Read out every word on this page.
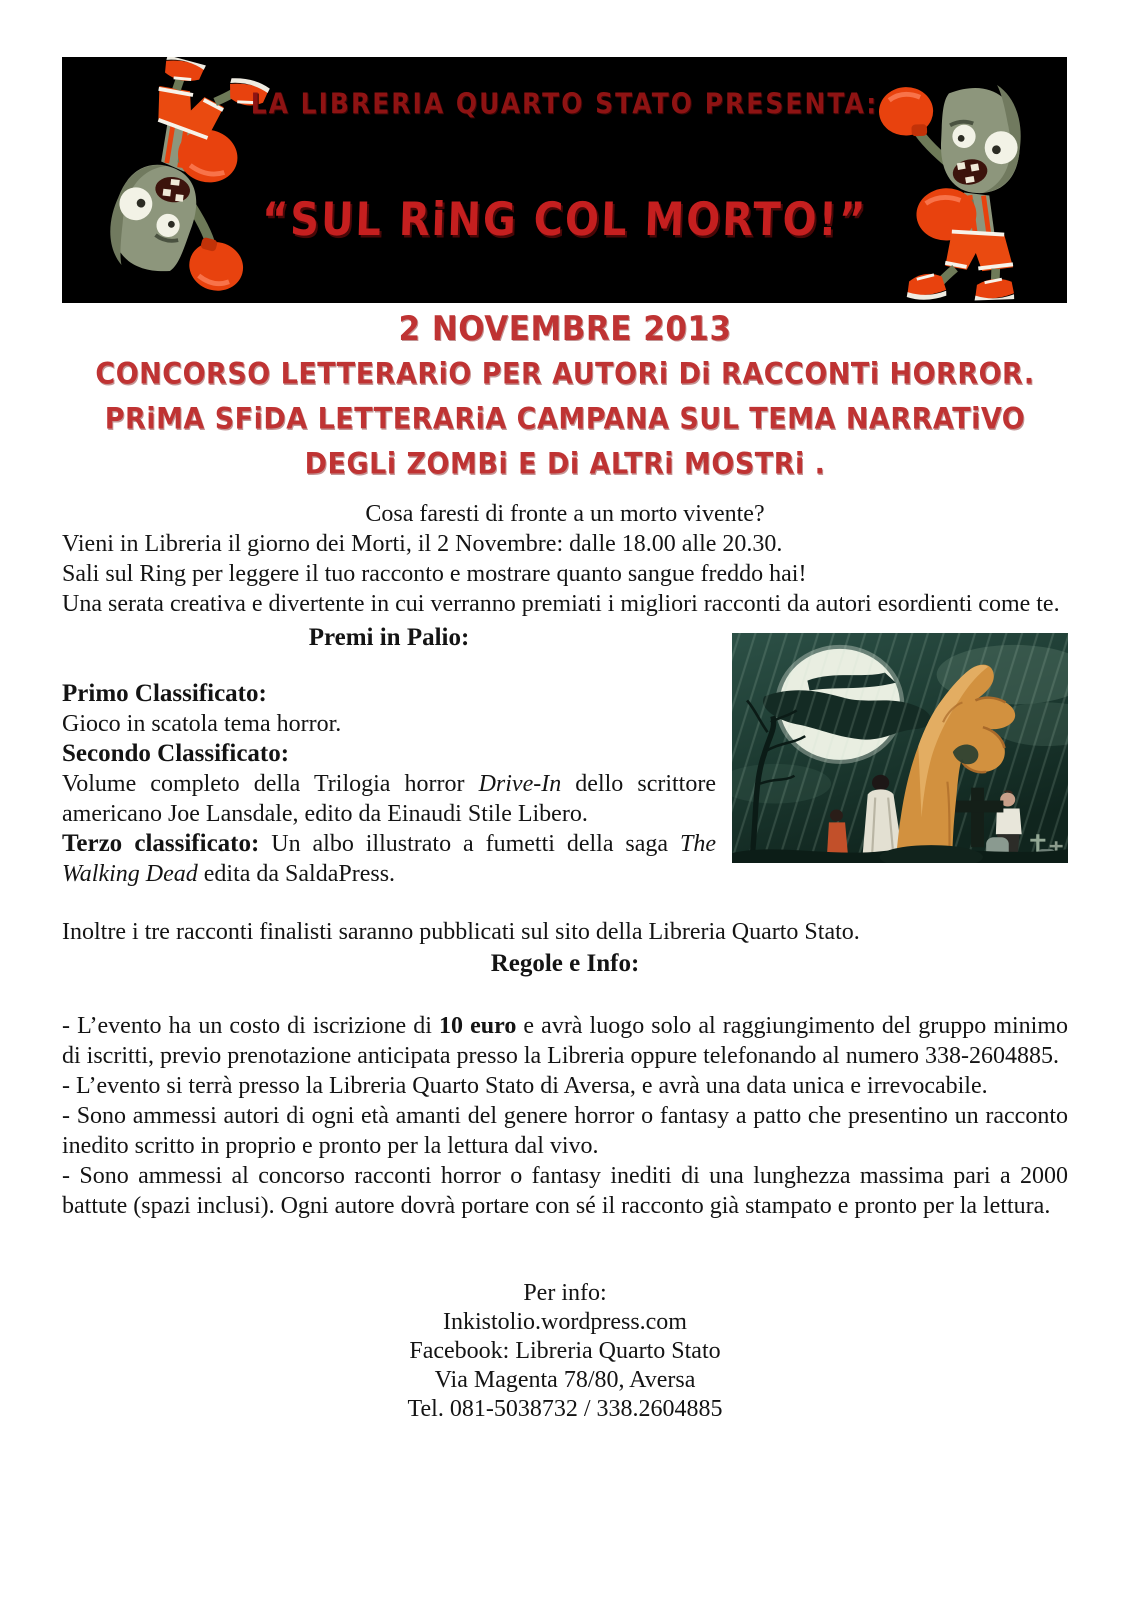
LA LIBRERIA QUARTO STATO PRESENTA:
“SUL RiNG COL MORTO!”
2 NOVEMBRE 2013
CONCORSO LETTERARiO PER AUTORi Di RACCONTi HORROR.
PRiMA SFiDA LETTERARiA CAMPANA SUL TEMA NARRATiVO
DEGLi ZOMBi E Di ALTRi MOSTRi .
Cosa faresti di fronte a un morto vivente?
Vieni in Libreria il giorno dei Morti, il 2 Novembre: dalle 18.00 alle 20.30.
Sali sul Ring per leggere il tuo racconto e mostrare quanto sangue freddo hai!
Una serata creativa e divertente in cui verranno premiati i migliori racconti da autori esordienti come te.
Premi in Palio:
Primo Classificato:
Gioco in scatola tema horror.
Secondo Classificato:
Volume completo della Trilogia horror Drive-In dello scrittore americano Joe Lansdale, edito da Einaudi Stile Libero.
Terzo classificato: Un albo illustrato a fumetti della saga The Walking Dead edita da SaldaPress.
Inoltre i tre racconti finalisti saranno pubblicati sul sito della Libreria Quarto Stato.
Regole e Info:
- L’evento ha un costo di iscrizione di 10 euro e avrà luogo solo al raggiungimento del gruppo minimo di iscritti, previo prenotazione anticipata presso la Libreria oppure telefonando al numero 338-2604885.
- L’evento si terrà presso la Libreria Quarto Stato di Aversa, e avrà una data unica e irrevocabile.
- Sono ammessi autori di ogni età amanti del genere horror o fantasy a patto che presentino un racconto inedito scritto in proprio e pronto per la lettura dal vivo.
- Sono ammessi al concorso racconti horror o fantasy inediti di una lunghezza massima pari a 2000 battute (spazi inclusi). Ogni autore dovrà portare con sé il racconto già stampato e pronto per la lettura.
Per info:
Inkistolio.wordpress.com
Facebook: Libreria Quarto Stato
Via Magenta 78/80, Aversa
Tel. 081-5038732 / 338.2604885
